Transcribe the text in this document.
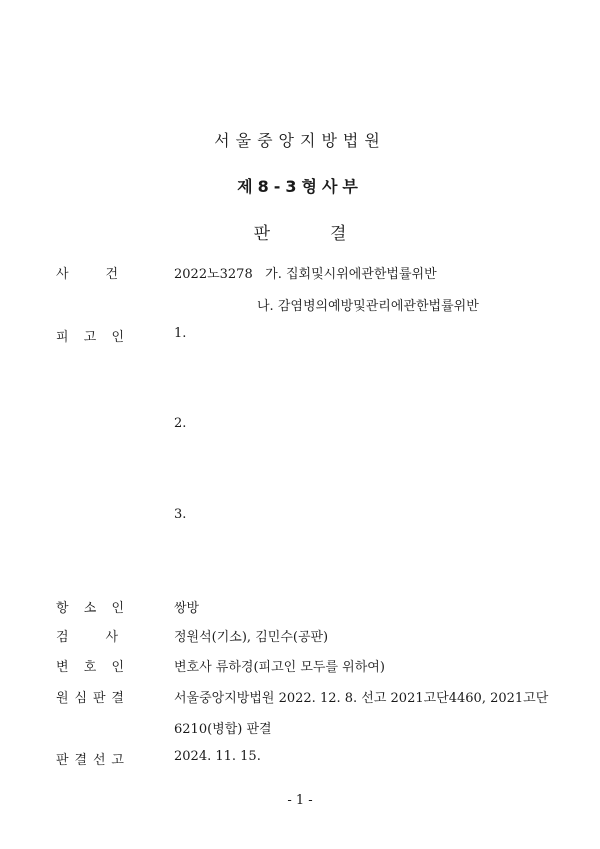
서울중앙지방법원
제8-3형사부
판결
사	건	2022노3278 가. 집회및시위에관한법률위반
나. 감염병의예방및관리에관한법률위반
피 고 인	1.
2.
3.
항 소 인	쌍방
검	사	정원석(기소), 김민수(공판)
변 호 인	변호사 류하경(피고인 모두를 위하여)
원 심 판 결	서울중앙지방법원 2022. 12. 8. 선고 2021고단4460, 2021고단
6210(병합) 판결
판 결 선 고	2024. 11. 15.
- 1 -
